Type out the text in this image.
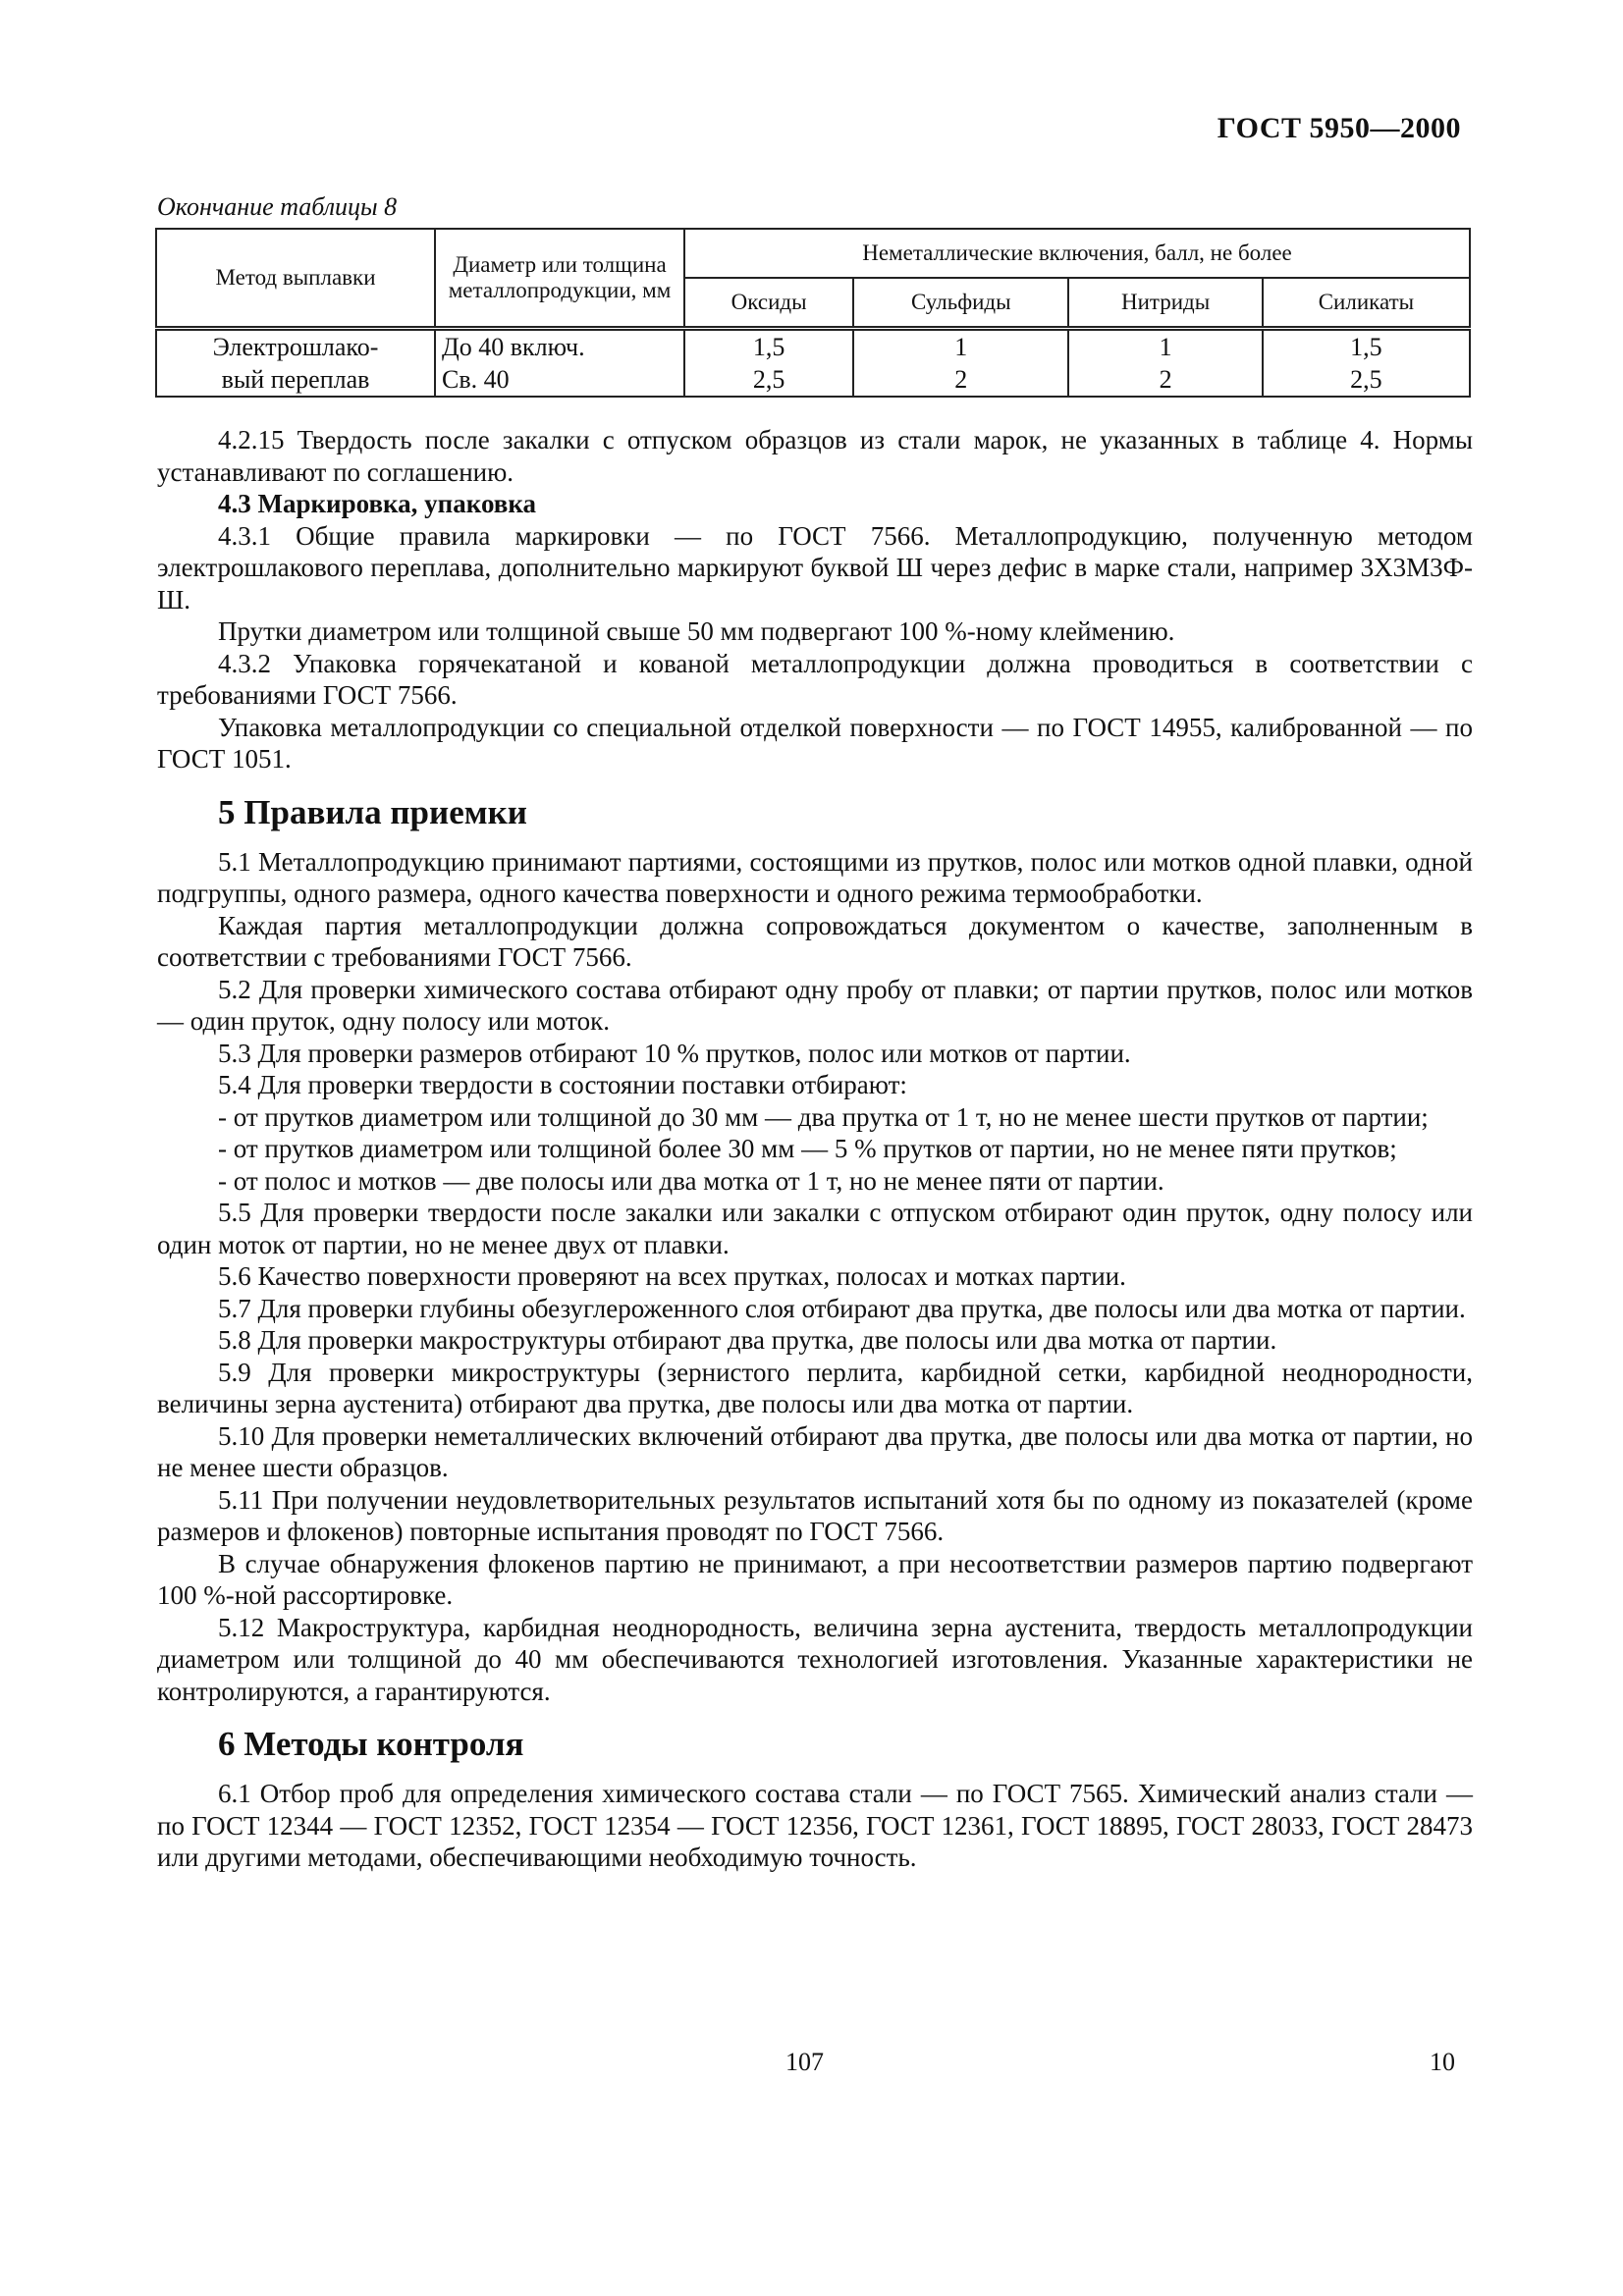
ГОСТ 5950—2000
Окончание таблицы 8
Метод выплавки	Диаметр или толщина металлопродукции, мм	Неметаллические включения, балл, не более			
		Оксиды	Сульфиды	Нитриды	Силикаты
Электрошлако-	До 40 включ.	1,5	1	1	1,5
вый переплав	Св. 40	2,5	2	2	2,5

4.2.15 Твердость после закалки с отпуском образцов из стали марок, не указанных в таблице 4. Нормы устанавливают по соглашению.

4.3 Маркировка, упаковка

4.3.1 Общие правила маркировки — по ГОСТ 7566. Металлопродукцию, полученную методом электрошлакового переплава, дополнительно маркируют буквой Ш через дефис в марке стали, например 3Х3М3Ф-Ш.

Прутки диаметром или толщиной свыше 50 мм подвергают 100 %-ному клеймению.

4.3.2 Упаковка горячекатаной и кованой металлопродукции должна проводиться в соответствии с требованиями ГОСТ 7566.

Упаковка металлопродукции со специальной отделкой поверхности — по ГОСТ 14955, калиброванной — по ГОСТ 1051.

5 Правила приемки

5.1 Металлопродукцию принимают партиями, состоящими из прутков, полос или мотков одной плавки, одной подгруппы, одного размера, одного качества поверхности и одного режима термообработки.

Каждая партия металлопродукции должна сопровождаться документом о качестве, заполненным в соответствии с требованиями ГОСТ 7566.

5.2 Для проверки химического состава отбирают одну пробу от плавки; от партии прутков, полос или мотков — один пруток, одну полосу или моток.

5.3 Для проверки размеров отбирают 10 % прутков, полос или мотков от партии.

5.4 Для проверки твердости в состоянии поставки отбирают:

- от прутков диаметром или толщиной до 30 мм — два прутка от 1 т, но не менее шести прутков от партии;

- от прутков диаметром или толщиной более 30 мм — 5 % прутков от партии, но не менее пяти прутков;

- от полос и мотков — две полосы или два мотка от 1 т, но не менее пяти от партии.

5.5 Для проверки твердости после закалки или закалки с отпуском отбирают один пруток, одну полосу или один моток от партии, но не менее двух от плавки.

5.6 Качество поверхности проверяют на всех прутках, полосах и мотках партии.

5.7 Для проверки глубины обезуглероженного слоя отбирают два прутка, две полосы или два мотка от партии.

5.8 Для проверки макроструктуры отбирают два прутка, две полосы или два мотка от партии.

5.9 Для проверки микроструктуры (зернистого перлита, карбидной сетки, карбидной неоднородности, величины зерна аустенита) отбирают два прутка, две полосы или два мотка от партии.

5.10 Для проверки неметаллических включений отбирают два прутка, две полосы или два мотка от партии, но не менее шести образцов.

5.11 При получении неудовлетворительных результатов испытаний хотя бы по одному из показателей (кроме размеров и флокенов) повторные испытания проводят по ГОСТ 7566.

В случае обнаружения флокенов партию не принимают, а при несоответствии размеров партию подвергают 100 %-ной рассортировке.

5.12 Макроструктура, карбидная неоднородность, величина зерна аустенита, твердость металлопродукции диаметром или толщиной до 40 мм обеспечиваются технологией изготовления. Указанные характеристики не контролируются, а гарантируются.

6 Методы контроля

6.1 Отбор проб для определения химического состава стали — по ГОСТ 7565. Химический анализ стали — по ГОСТ 12344 — ГОСТ 12352, ГОСТ 12354 — ГОСТ 12356, ГОСТ 12361, ГОСТ 18895, ГОСТ 28033, ГОСТ 28473 или другими методами, обеспечивающими необходимую точность.

107	10
